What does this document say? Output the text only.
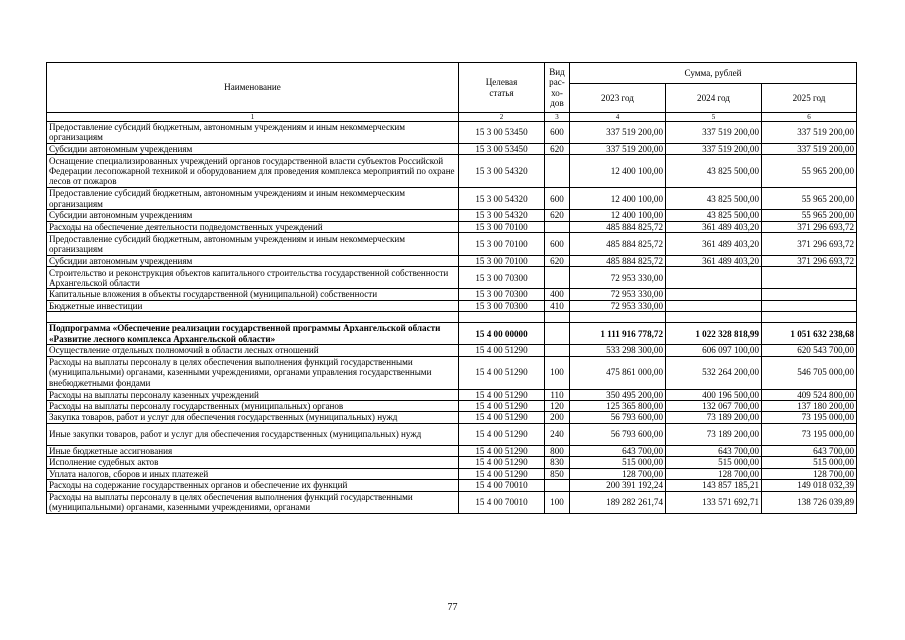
Наименование	Целевая статья	Вид рас- хо- дов	Сумма, рублей		
			2023 год	2024 год	2025 год
1	2	3	4	5	6
Предоставление субсидий бюджетным, автономным учреждениям и иным некоммерческим организациям	15 3 00 53450	600	337 519 200,00	337 519 200,00	337 519 200,00
Субсидии автономным учреждениям	15 3 00 53450	620	337 519 200,00	337 519 200,00	337 519 200,00
Оснащение специализированных учреждений органов государственной власти субъектов Российской Федерации лесопожарной техникой и оборудованием для проведения комплекса мероприятий по охране лесов от пожаров	15 3 00 54320		12 400 100,00	43 825 500,00	55 965 200,00
Предоставление субсидий бюджетным, автономным учреждениям и иным некоммерческим организациям	15 3 00 54320	600	12 400 100,00	43 825 500,00	55 965 200,00
Субсидии автономным учреждениям	15 3 00 54320	620	12 400 100,00	43 825 500,00	55 965 200,00
Расходы на обеспечение деятельности подведомственных учреждений	15 3 00 70100		485 884 825,72	361 489 403,20	371 296 693,72
Предоставление субсидий бюджетным, автономным учреждениям и иным некоммерческим организациям	15 3 00 70100	600	485 884 825,72	361 489 403,20	371 296 693,72
Субсидии автономным учреждениям	15 3 00 70100	620	485 884 825,72	361 489 403,20	371 296 693,72
Строительство и реконструкция объектов капитального строительства государственной собственности Архангельской области	15 3 00 70300		72 953 330,00		
Капитальные вложения в объекты государственной (муниципальной) собственности	15 3 00 70300	400	72 953 330,00		
Бюджетные инвестиции	15 3 00 70300	410	72 953 330,00		

Подпрограмма «Обеспечение реализации государственной программы Архангельской области «Развитие лесного комплекса Архангельской области»	15 4 00 00000		1 111 916 778,72	1 022 328 818,99	1 051 632 238,68
Осуществление отдельных полномочий в области лесных отношений	15 4 00 51290		533 298 300,00	606 097 100,00	620 543 700,00
Расходы на выплаты персоналу в целях обеспечения выполнения функций государственными (муниципальными) органами, казенными учреждениями, органами управления государственными внебюджетными фондами	15 4 00 51290	100	475 861 000,00	532 264 200,00	546 705 000,00
Расходы на выплаты персоналу казенных учреждений	15 4 00 51290	110	350 495 200,00	400 196 500,00	409 524 800,00
Расходы на выплаты персоналу государственных (муниципальных) органов	15 4 00 51290	120	125 365 800,00	132 067 700,00	137 180 200,00
Закупка товаров, работ и услуг для обеспечения государственных (муниципальных) нужд	15 4 00 51290	200	56 793 600,00	73 189 200,00	73 195 000,00
Иные закупки товаров, работ и услуг для обеспечения государственных (муниципальных) нужд	15 4 00 51290	240	56 793 600,00	73 189 200,00	73 195 000,00
Иные бюджетные ассигнования	15 4 00 51290	800	643 700,00	643 700,00	643 700,00
Исполнение судебных актов	15 4 00 51290	830	515 000,00	515 000,00	515 000,00
Уплата налогов, сборов и иных платежей	15 4 00 51290	850	128 700,00	128 700,00	128 700,00
Расходы на содержание государственных органов и обеспечение их функций	15 4 00 70010		200 391 192,24	143 857 185,21	149 018 032,39
Расходы на выплаты персоналу в целях обеспечения выполнения функций государственными (муниципальными) органами, казенными учреждениями, органами	15 4 00 70010	100	189 282 261,74	133 571 692,71	138 726 039,89
77
